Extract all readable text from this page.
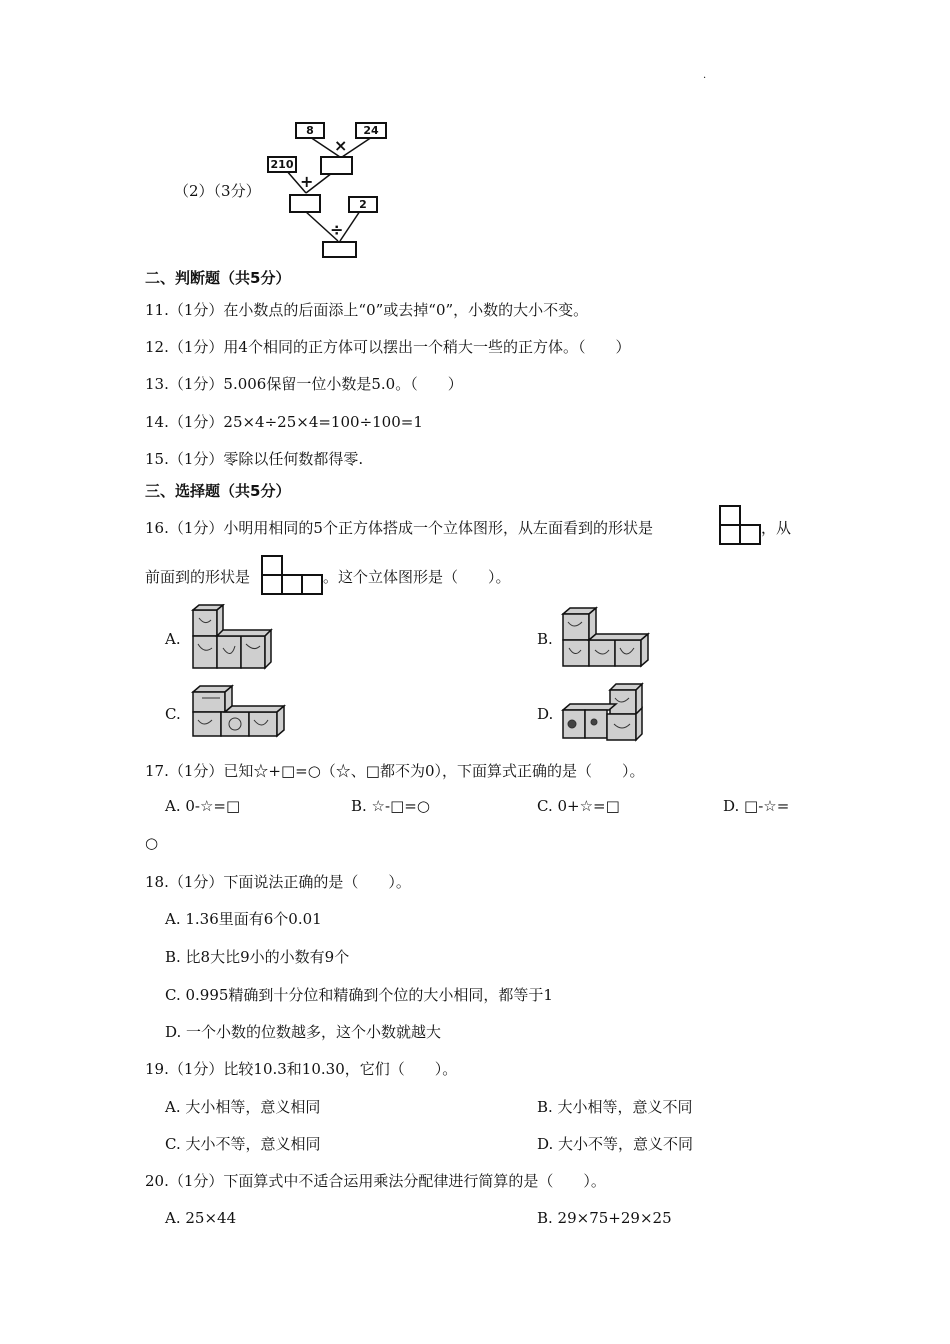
.
（2）（3分）
8	24
×
210
+
2
÷
二、判断题（共5分）
11.（1分）在小数点的后面添上“0”或去掉“0”，小数的大小不变。
12.（1分）用4个相同的正方体可以摆出一个稍大一些的正方体。（　　）
13.（1分）5.006保留一位小数是5.0。（　　）
14.（1分）25×4÷25×4=100÷100=1
15.（1分）零除以任何数都得零.
三、选择题（共5分）
16.（1分）小明用相同的5个正方体搭成一个立体图形，从左面看到的形状是	，从
前面到的形状是	。这个立体图形是（　　）。
A.	B.
C.	D.
17.（1分）已知☆+□=○（☆、□都不为0），下面算式正确的是（　　）。
A. 0-☆=□	B. ☆-□=○	C. 0+☆=□	D. □-☆=
○
18.（1分）下面说法正确的是（　　）。
A. 1.36里面有6个0.01
B. 比8大比9小的小数有9个
C. 0.995精确到十分位和精确到个位的大小相同，都等于1
D. 一个小数的位数越多，这个小数就越大
19.（1分）比较10.3和10.30，它们（　　）。
A. 大小相等，意义相同	B. 大小相等，意义不同
C. 大小不等，意义相同	D. 大小不等，意义不同
20.（1分）下面算式中不适合运用乘法分配律进行简算的是（　　）。
A. 25×44	B. 29×75+29×25
